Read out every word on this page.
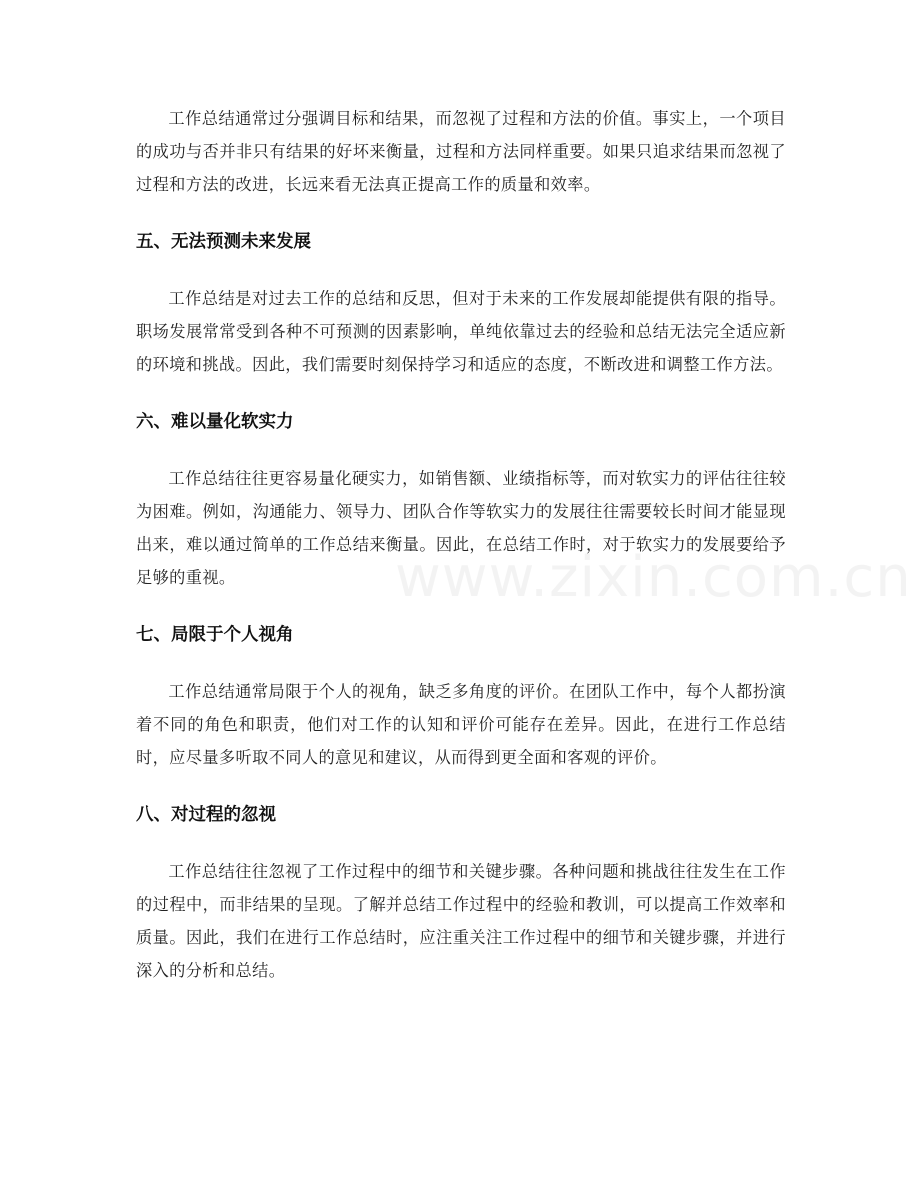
www.zixin.com.cn

工作总结通常过分强调目标和结果，而忽视了过程和方法的价值。事实上，一个项目的成功与否并非只有结果的好坏来衡量，过程和方法同样重要。如果只追求结果而忽视了过程和方法的改进，长远来看无法真正提高工作的质量和效率。

五、无法预测未来发展

工作总结是对过去工作的总结和反思，但对于未来的工作发展却能提供有限的指导。职场发展常常受到各种不可预测的因素影响，单纯依靠过去的经验和总结无法完全适应新的环境和挑战。因此，我们需要时刻保持学习和适应的态度，不断改进和调整工作方法。

六、难以量化软实力

工作总结往往更容易量化硬实力，如销售额、业绩指标等，而对软实力的评估往往较为困难。例如，沟通能力、领导力、团队合作等软实力的发展往往需要较长时间才能显现出来，难以通过简单的工作总结来衡量。因此，在总结工作时，对于软实力的发展要给予足够的重视。

七、局限于个人视角

工作总结通常局限于个人的视角，缺乏多角度的评价。在团队工作中，每个人都扮演着不同的角色和职责，他们对工作的认知和评价可能存在差异。因此，在进行工作总结时，应尽量多听取不同人的意见和建议，从而得到更全面和客观的评价。

八、对过程的忽视

工作总结往往忽视了工作过程中的细节和关键步骤。各种问题和挑战往往发生在工作的过程中，而非结果的呈现。了解并总结工作过程中的经验和教训，可以提高工作效率和质量。因此，我们在进行工作总结时，应注重关注工作过程中的细节和关键步骤，并进行深入的分析和总结。
